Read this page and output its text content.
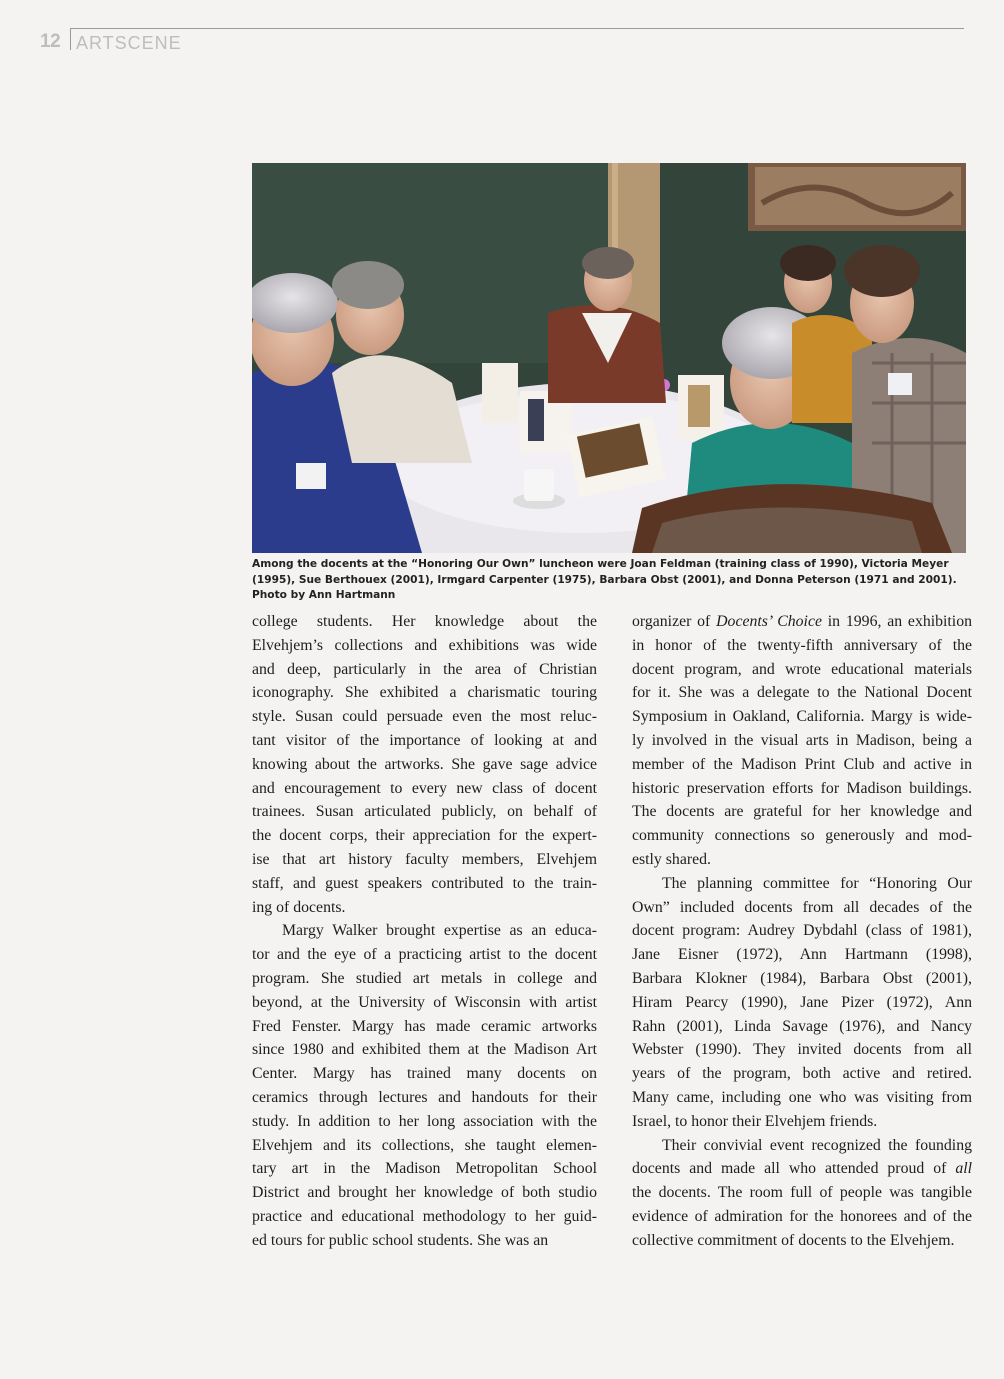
12 ARTSCENE
Among the docents at the “Honoring Our Own” luncheon were Joan Feldman (training class of 1990), Victoria Meyer (1995), Sue Berthouex (2001), Irmgard Carpenter (1975), Barbara Obst (2001), and Donna Peterson (1971 and 2001). Photo by Ann Hartmann

college students. Her knowledge about the
Elvehjem’s collections and exhibitions was wide
and deep, particularly in the area of Christian
iconography. She exhibited a charismatic touring
style. Susan could persuade even the most reluc-
tant visitor of the importance of looking at and
knowing about the artworks. She gave sage advice
and encouragement to every new class of docent
trainees. Susan articulated publicly, on behalf of
the docent corps, their appreciation for the expert-
ise that art history faculty members, Elvehjem
staff, and guest speakers contributed to the train-
ing of docents.

Margy Walker brought expertise as an educa-
tor and the eye of a practicing artist to the docent
program. She studied art metals in college and
beyond, at the University of Wisconsin with artist
Fred Fenster. Margy has made ceramic artworks
since 1980 and exhibited them at the Madison Art
Center. Margy has trained many docents on
ceramics through lectures and handouts for their
study. In addition to her long association with the
Elvehjem and its collections, she taught elemen-
tary art in the Madison Metropolitan School
District and brought her knowledge of both studio
practice and educational methodology to her guid-
ed tours for public school students. She was an

organizer of Docents’ Choice in 1996, an exhibition
in honor of the twenty-fifth anniversary of the
docent program, and wrote educational materials
for it. She was a delegate to the National Docent
Symposium in Oakland, California. Margy is wide-
ly involved in the visual arts in Madison, being a
member of the Madison Print Club and active in
historic preservation efforts for Madison buildings.
The docents are grateful for her knowledge and
community connections so generously and mod-
estly shared.

The planning committee for “Honoring Our
Own” included docents from all decades of the
docent program: Audrey Dybdahl (class of 1981),
Jane Eisner (1972), Ann Hartmann (1998),
Barbara Klokner (1984), Barbara Obst (2001),
Hiram Pearcy (1990), Jane Pizer (1972), Ann
Rahn (2001), Linda Savage (1976), and Nancy
Webster (1990). They invited docents from all
years of the program, both active and retired.
Many came, including one who was visiting from
Israel, to honor their Elvehjem friends.

Their convivial event recognized the founding
docents and made all who attended proud of all
the docents. The room full of people was tangible
evidence of admiration for the honorees and of the
collective commitment of docents to the Elvehjem.
